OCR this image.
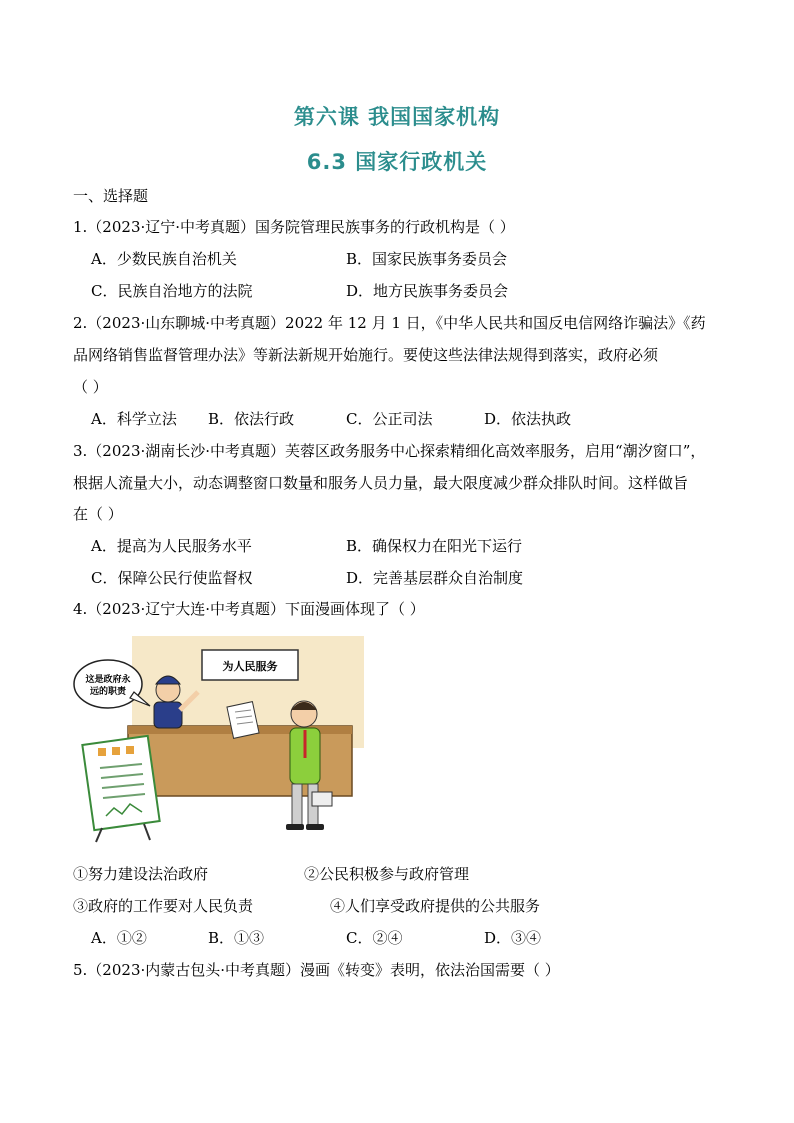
第六课 我国国家机构
6.3 国家行政机关
一、选择题
1.（2023·辽宁·中考真题）国务院管理民族事务的行政机构是（ ）
A．少数民族自治机关	B．国家民族事务委员会
C．民族自治地方的法院	D．地方民族事务委员会
2.（2023·山东聊城·中考真题）2022 年 12 月 1 日，《中华人民共和国反电信网络诈骗法》《药
品网络销售监督管理办法》等新法新规开始施行。要使这些法律法规得到落实，政府必须
（ ）
A．科学立法 B．依法行政	C．公正司法	D．依法执政
3.（2023·湖南长沙·中考真题）芙蓉区政务服务中心探索精细化高效率服务，启用“潮汐窗口”，
根据人流量大小，动态调整窗口数量和服务人员力量，最大限度减少群众排队时间。这样做旨
在（ ）
A．提高为人民服务水平	B．确保权力在阳光下运行
C．保障公民行使监督权	D．完善基层群众自治制度
4.（2023·辽宁大连·中考真题）下面漫画体现了（ ）
为人民服务
这是政府永
远的职责
①努力建设法治政府	②公民积极参与政府管理
③政府的工作要对人民负责	④人们享受政府提供的公共服务
A．①②	B．①③	C．②④	D．③④
5.（2023·内蒙古包头·中考真题）漫画《转变》表明，依法治国需要（ ）
